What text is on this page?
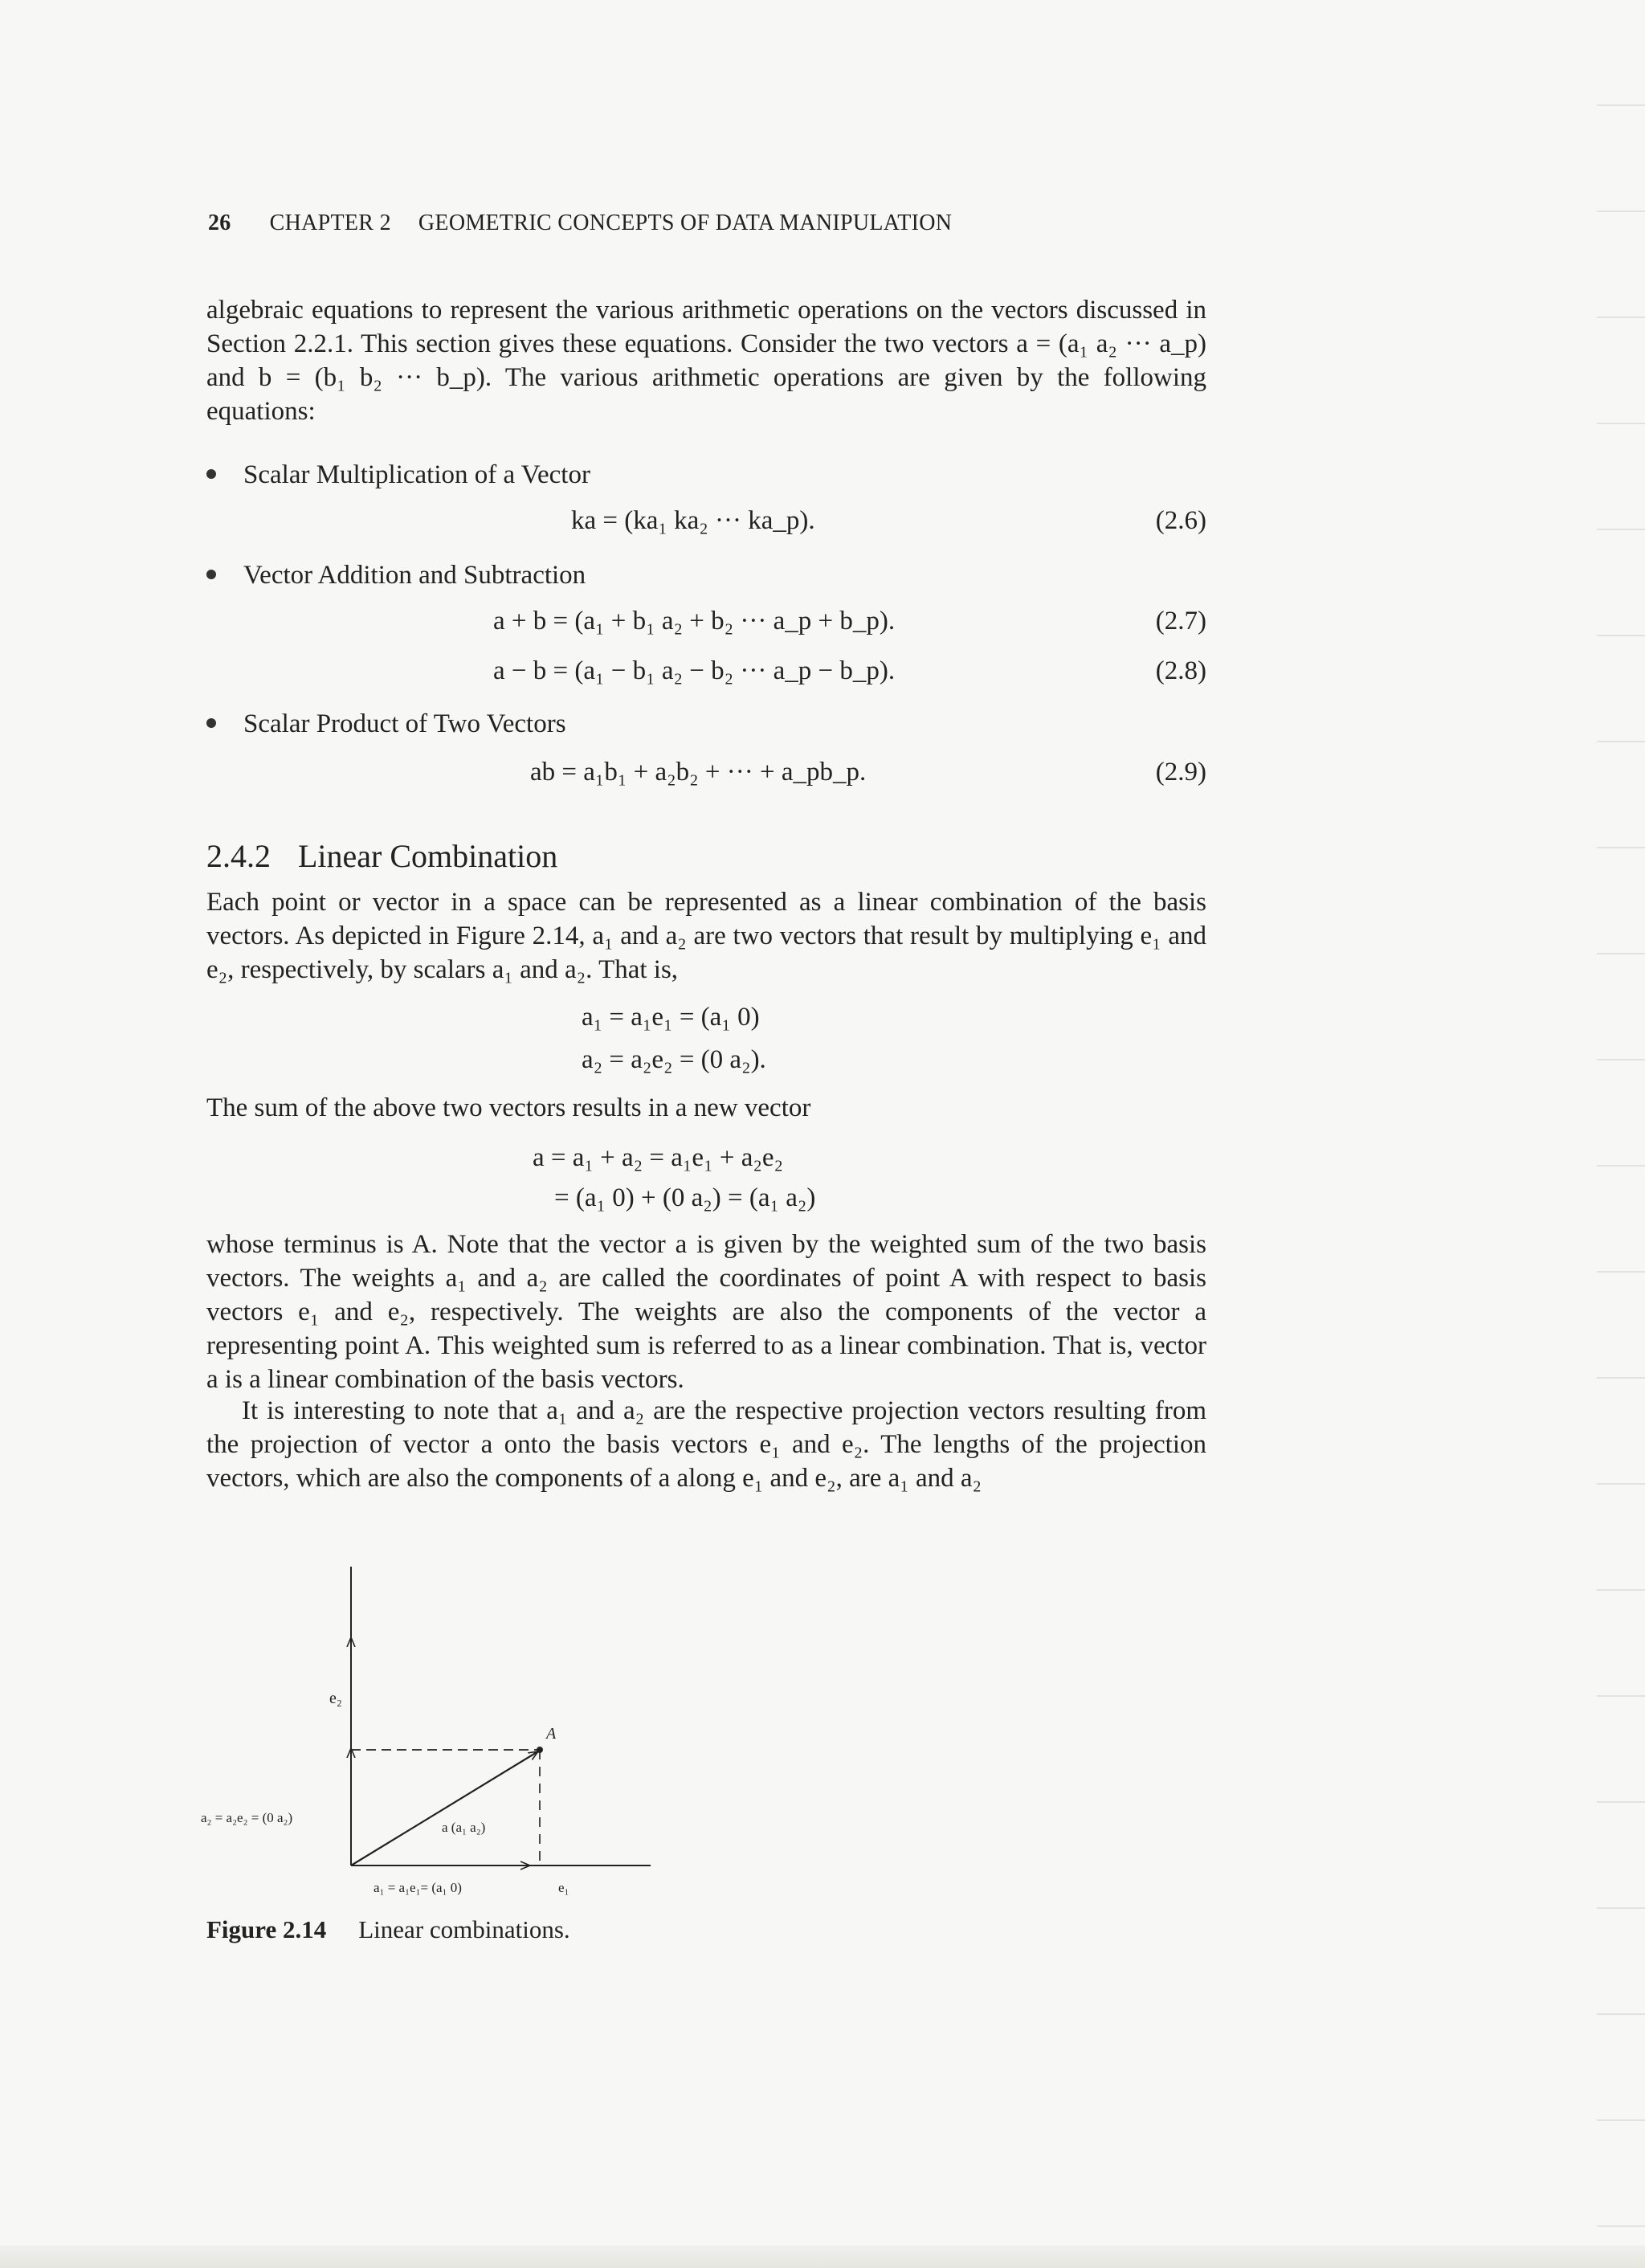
26 CHAPTER 2 GEOMETRIC CONCEPTS OF DATA MANIPULATION

algebraic equations to represent the various arithmetic operations on the vectors discussed in Section 2.2.1. This section gives these equations. Consider the two vectors a = (a₁ a₂ ··· a_p) and b = (b₁ b₂ ··· b_p). The various arithmetic operations are given by the following equations:

Scalar Multiplication of a Vector
ka = (ka₁ ka₂ ··· ka_p).	(2.6)
Vector Addition and Subtraction
a + b = (a₁ + b₁ a₂ + b₂ ··· a_p + b_p).	(2.7)
a − b = (a₁ − b₁ a₂ − b₂ ··· a_p − b_p).	(2.8)
Scalar Product of Two Vectors
ab = a₁b₁ + a₂b₂ + ··· + a_pb_p.	(2.9)
2.4.2 Linear Combination

Each point or vector in a space can be represented as a linear combination of the basis vectors. As depicted in Figure 2.14, a₁ and a₂ are two vectors that result by multiplying e₁ and e₂, respectively, by scalars a₁ and a₂. That is,

a₁ = a₁e₁ = (a₁ 0)
a₂ = a₂e₂ = (0 a₂).

The sum of the above two vectors results in a new vector

a = a₁ + a₂ = a₁e₁ + a₂e₂
= (a₁ 0) + (0 a₂) = (a₁ a₂)

whose terminus is A. Note that the vector a is given by the weighted sum of the two basis vectors. The weights a₁ and a₂ are called the coordinates of point A with respect to basis vectors e₁ and e₂, respectively. The weights are also the components of the vector a representing point A. This weighted sum is referred to as a linear combination. That is, vector a is a linear combination of the basis vectors.

It is interesting to note that a₁ and a₂ are the respective projection vectors resulting from the projection of vector a onto the basis vectors e₁ and e₂. The lengths of the projection vectors, which are also the components of a along e₁ and e₂, are a₁ and a₂

e₂
A
a₂ = a₂e₂ = (0 a₂)
a (a₁ a₂)
a₁ = a₁e₁= (a₁ 0)	e₁
Figure 2.14 Linear combinations.
